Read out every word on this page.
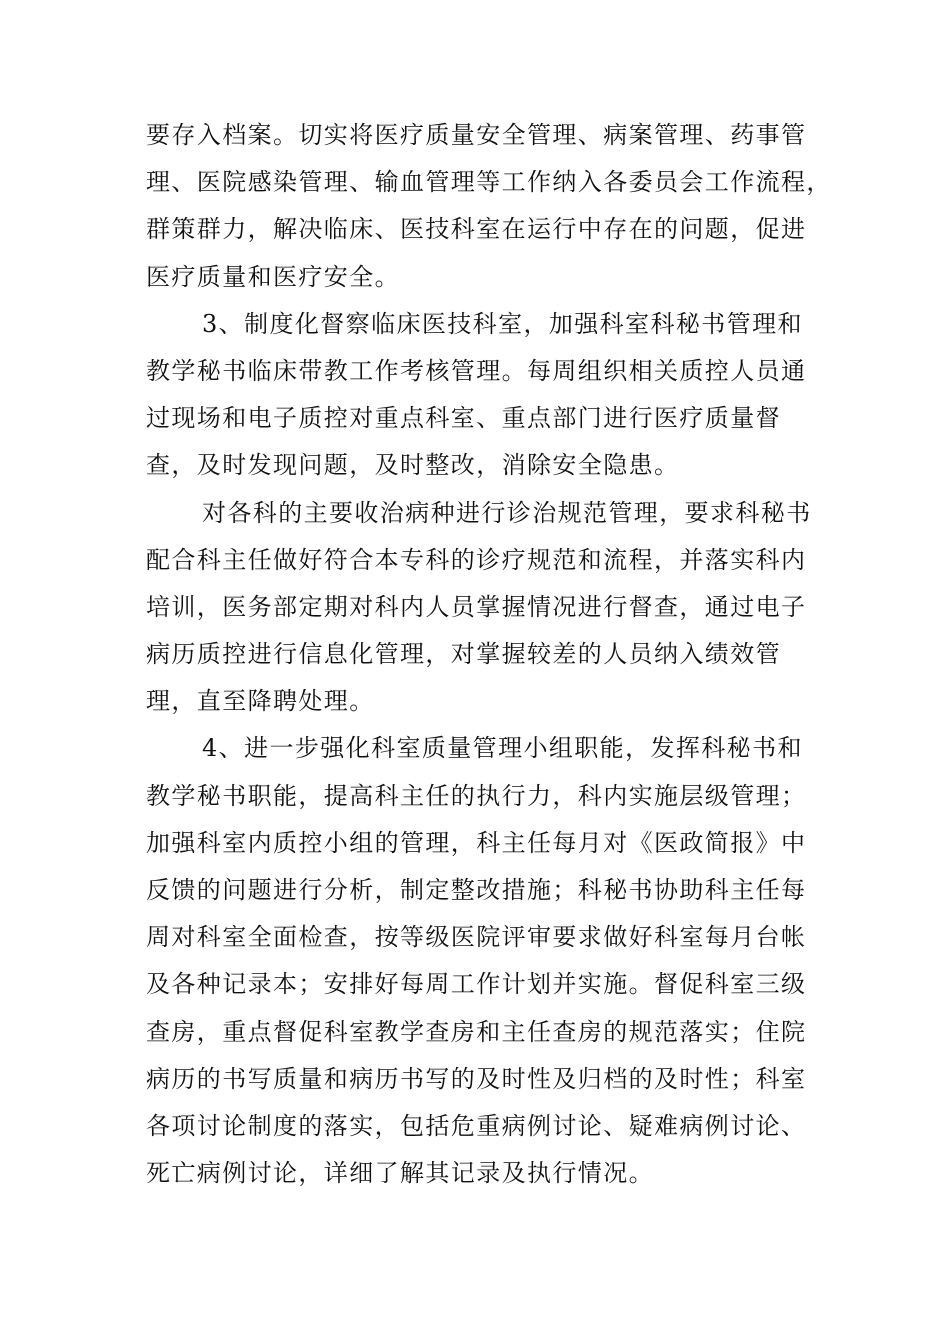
要存入档案。切实将医疗质量安全管理、病案管理、药事管
理、医院感染管理、输血管理等工作纳入各委员会工作流程，
群策群力，解决临床、医技科室在运行中存在的问题，促进
医疗质量和医疗安全。
3、制度化督察临床医技科室，加强科室科秘书管理和
教学秘书临床带教工作考核管理。每周组织相关质控人员通
过现场和电子质控对重点科室、重点部门进行医疗质量督
查，及时发现问题，及时整改，消除安全隐患。
对各科的主要收治病种进行诊治规范管理，要求科秘书
配合科主任做好符合本专科的诊疗规范和流程，并落实科内
培训，医务部定期对科内人员掌握情况进行督查，通过电子
病历质控进行信息化管理，对掌握较差的人员纳入绩效管
理，直至降聘处理。
4、进一步强化科室质量管理小组职能，发挥科秘书和
教学秘书职能，提高科主任的执行力，科内实施层级管理；
加强科室内质控小组的管理，科主任每月对《医政简报》中
反馈的问题进行分析，制定整改措施；科秘书协助科主任每
周对科室全面检查，按等级医院评审要求做好科室每月台帐
及各种记录本；安排好每周工作计划并实施。督促科室三级
查房，重点督促科室教学查房和主任查房的规范落实；住院
病历的书写质量和病历书写的及时性及归档的及时性；科室
各项讨论制度的落实，包括危重病例讨论、疑难病例讨论、
死亡病例讨论，详细了解其记录及执行情况。
